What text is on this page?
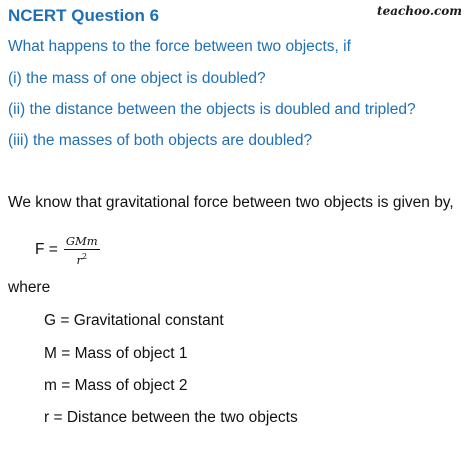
NCERT Question 6	teachoo.com
What happens to the force between two objects, if
(i) the mass of one object is doubled?
(ii) the distance between the objects is doubled and tripled?
(iii) the masses of both objects are doubled?
We know that gravitational force between two objects is given by,
$F = \frac{\text{GMm}}{r^2}$
where
G = Gravitational constant
M = Mass of object 1
m = Mass of object 2
r = Distance between the two objects
